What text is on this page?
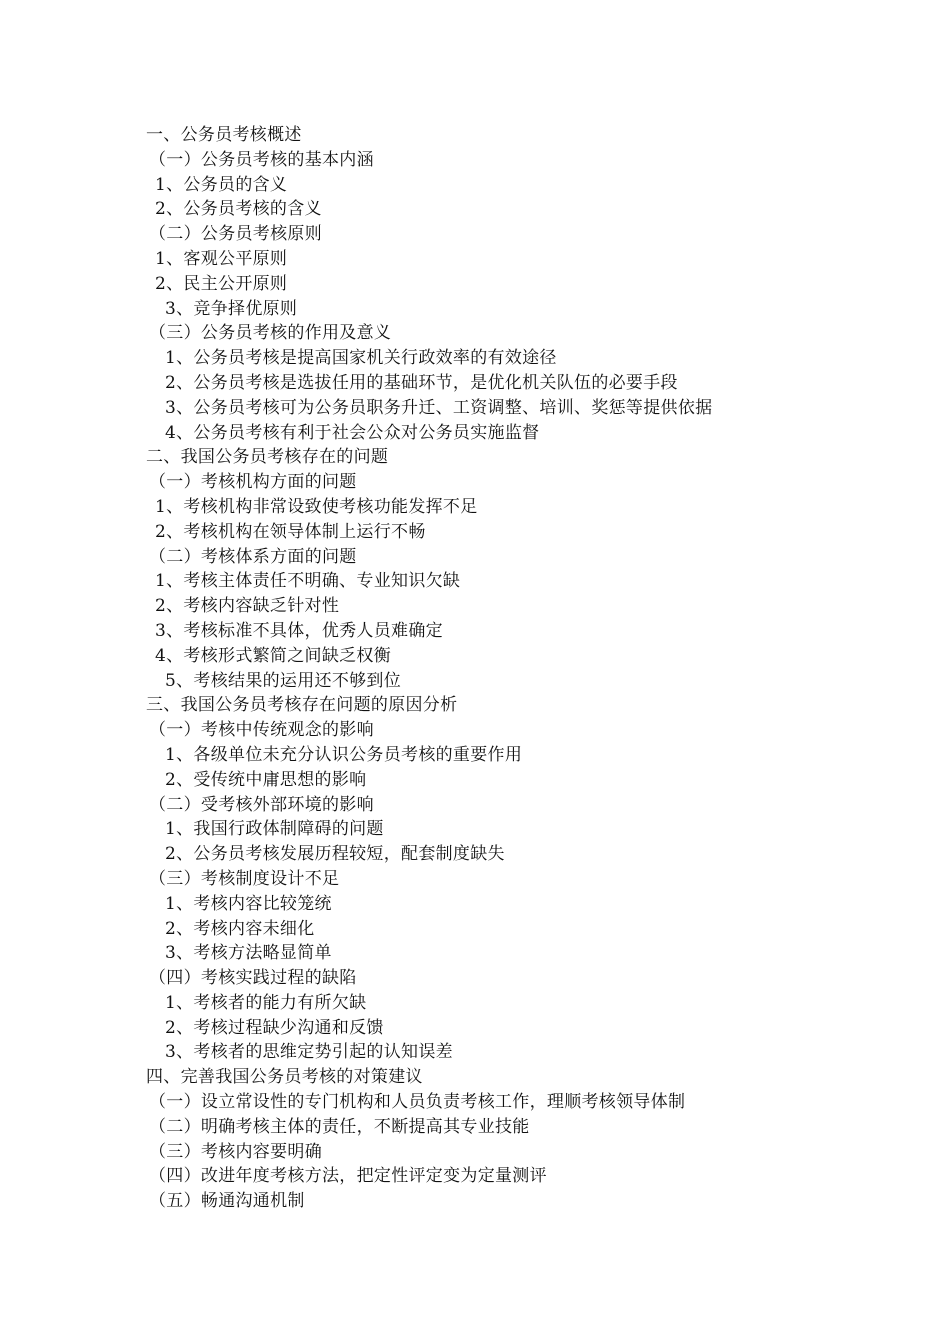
一、公务员考核概述
（一）公务员考核的基本内涵
1、公务员的含义
2、公务员考核的含义
（二）公务员考核原则
1、客观公平原则
2、民主公开原则
3、竞争择优原则
（三）公务员考核的作用及意义
1、公务员考核是提高国家机关行政效率的有效途径
2、公务员考核是选拔任用的基础环节，是优化机关队伍的必要手段
3、公务员考核可为公务员职务升迁、工资调整、培训、奖惩等提供依据
4、公务员考核有利于社会公众对公务员实施监督
二、我国公务员考核存在的问题
（一）考核机构方面的问题
1、考核机构非常设致使考核功能发挥不足
2、考核机构在领导体制上运行不畅
（二）考核体系方面的问题
1、考核主体责任不明确、专业知识欠缺
2、考核内容缺乏针对性
3、考核标准不具体，优秀人员难确定
4、考核形式繁简之间缺乏权衡
5、考核结果的运用还不够到位
三、我国公务员考核存在问题的原因分析
（一）考核中传统观念的影响
1、各级单位未充分认识公务员考核的重要作用
2、受传统中庸思想的影响
（二）受考核外部环境的影响
1、我国行政体制障碍的问题
2、公务员考核发展历程较短，配套制度缺失
（三）考核制度设计不足
1、考核内容比较笼统
2、考核内容未细化
3、考核方法略显简单
（四）考核实践过程的缺陷
1、考核者的能力有所欠缺
2、考核过程缺少沟通和反馈
3、考核者的思维定势引起的认知误差
四、完善我国公务员考核的对策建议
（一）设立常设性的专门机构和人员负责考核工作，理顺考核领导体制
（二）明确考核主体的责任，不断提高其专业技能
（三）考核内容要明确
（四）改进年度考核方法，把定性评定变为定量测评
（五）畅通沟通机制
